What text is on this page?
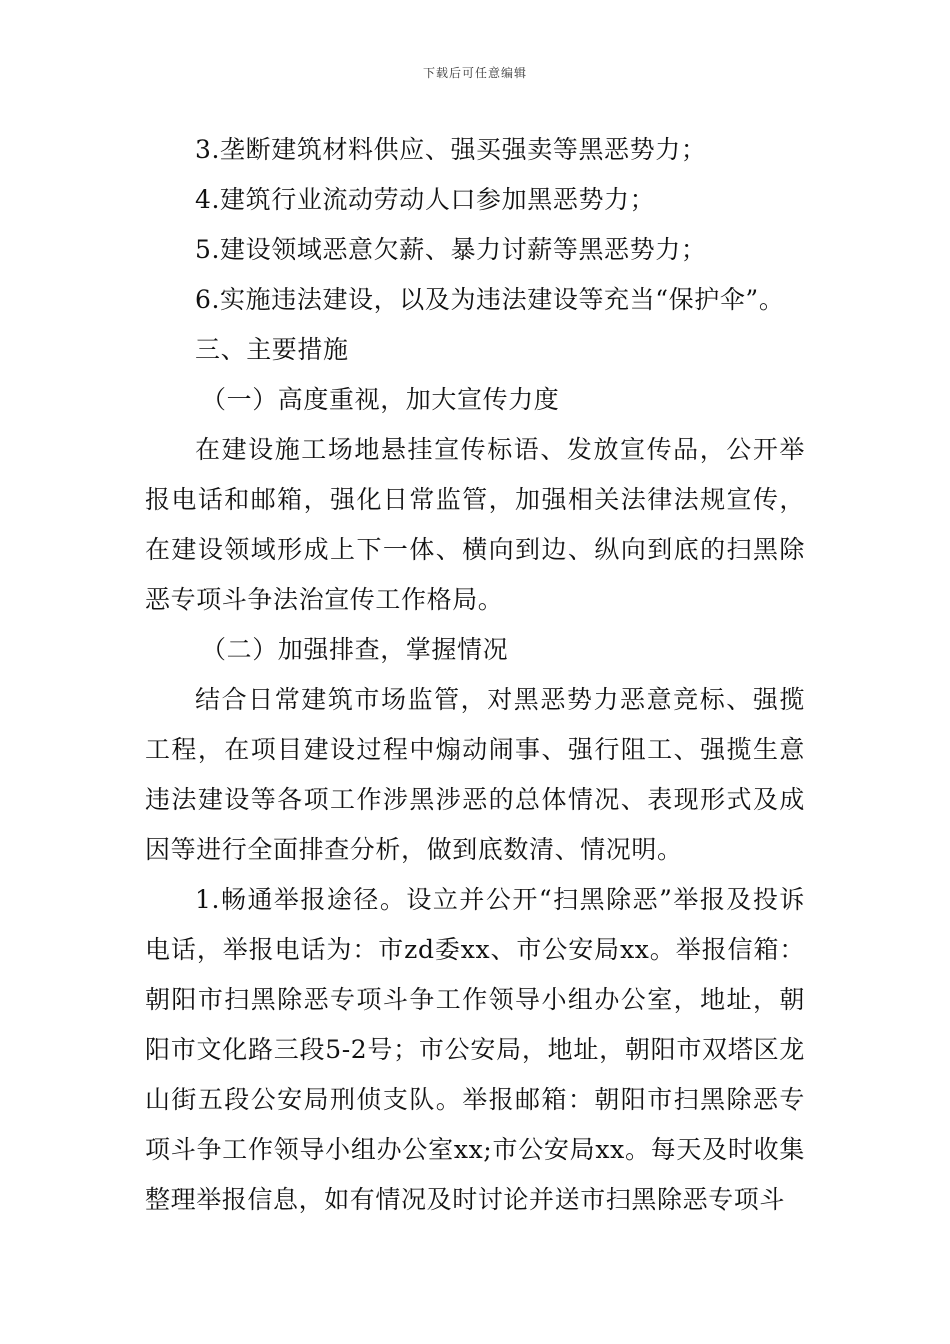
下载后可任意编辑

3.垄断建筑材料供应、强买强卖等黑恶势力；

4.建筑行业流动劳动人口参加黑恶势力；

5.建设领域恶意欠薪、暴力讨薪等黑恶势力；

6.实施违法建设，以及为违法建设等充当“保护伞”。

三、主要措施

（一）高度重视，加大宣传力度

在建设施工场地悬挂宣传标语、发放宣传品，公开举报电话和邮箱，强化日常监管，加强相关法律法规宣传，在建设领域形成上下一体、横向到边、纵向到底的扫黑除恶专项斗争法治宣传工作格局。

（二）加强排查，掌握情况

结合日常建筑市场监管，对黑恶势力恶意竞标、强揽工程，在项目建设过程中煽动闹事、强行阻工、强揽生意违法建设等各项工作涉黑涉恶的总体情况、表现形式及成因等进行全面排查分析，做到底数清、情况明。

1.畅通举报途径。设立并公开“扫黑除恶”举报及投诉电话，举报电话为：市zd委xx、市公安局xx。举报信箱：朝阳市扫黑除恶专项斗争工作领导小组办公室，地址，朝阳市文化路三段5-2号；市公安局，地址，朝阳市双塔区龙山街五段公安局刑侦支队。举报邮箱：朝阳市扫黑除恶专项斗争工作领导小组办公室xx;市公安局xx。每天及时收集整理举报信息，如有情况及时讨论并送市扫黑除恶专项斗
